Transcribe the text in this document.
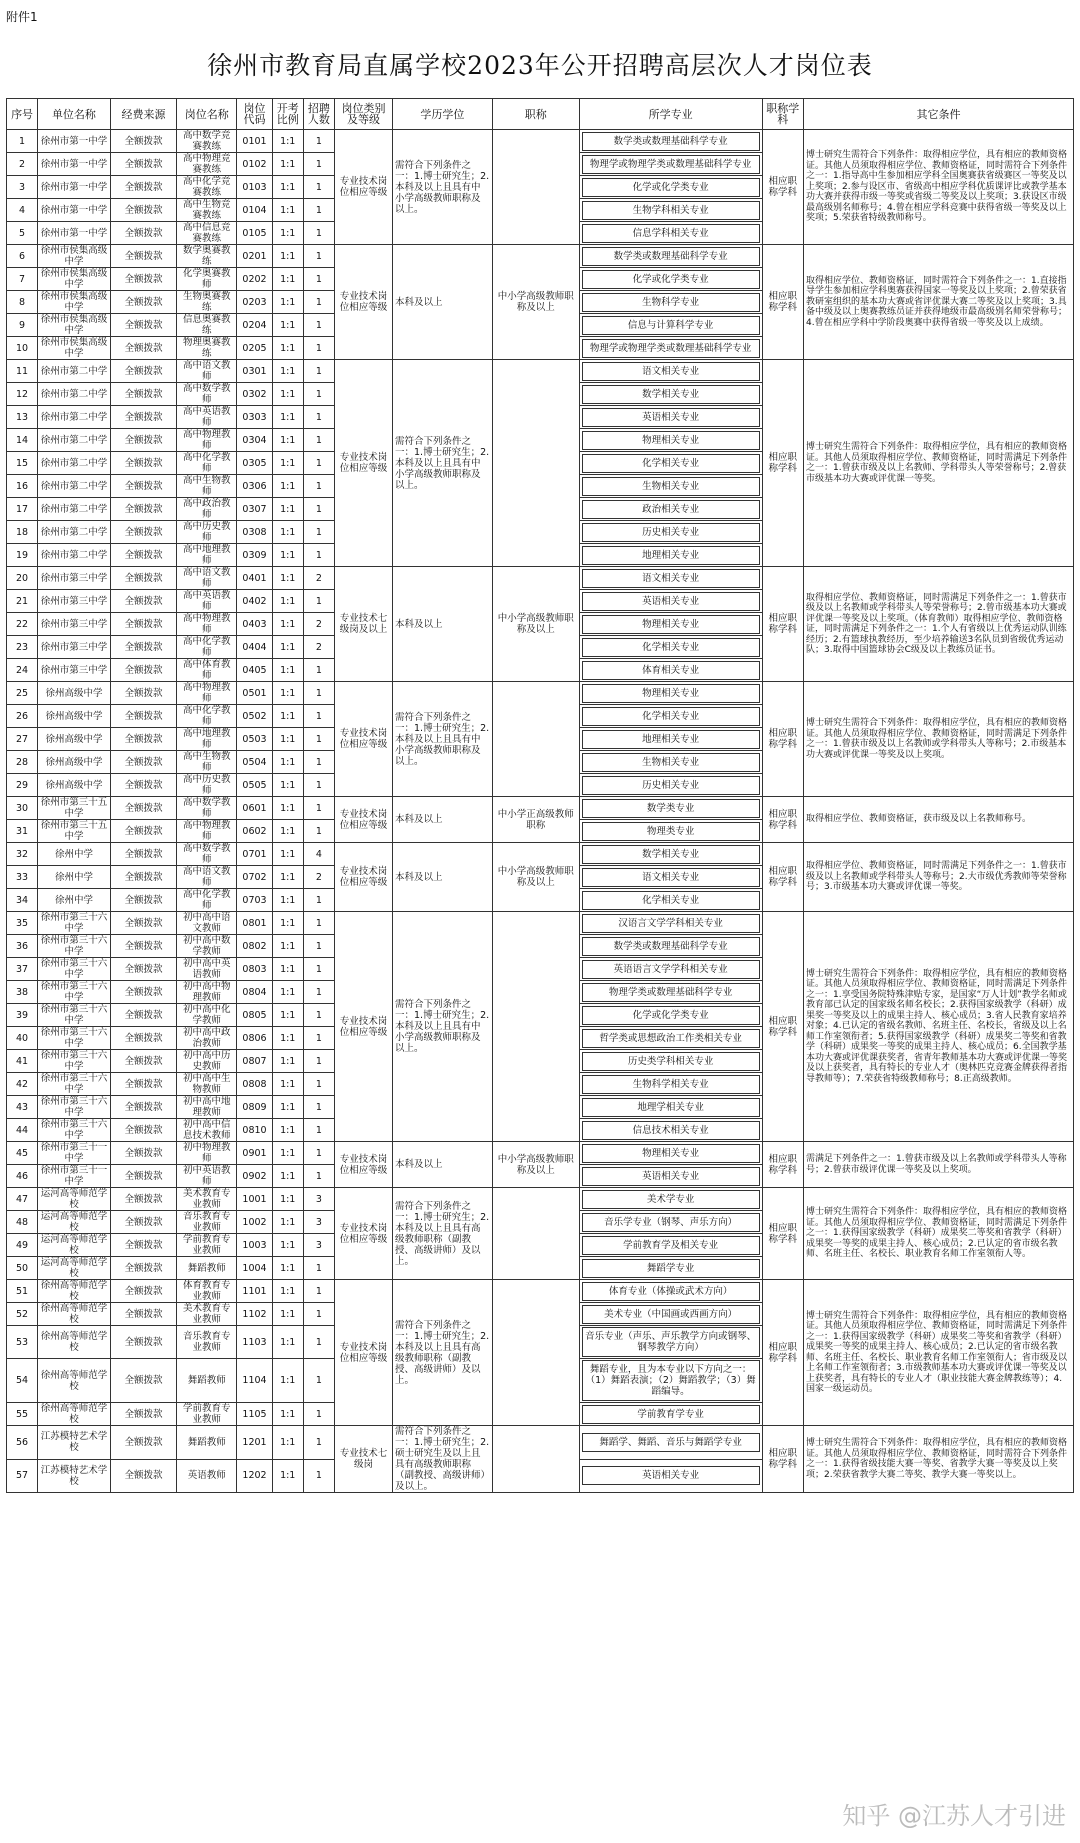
附件1
徐州市教育局直属学校2023年公开招聘高层次人才岗位表
序号	单位名称	经费来源	岗位名称	岗位代码	开考比例	招聘人数	岗位类别及等级	学历学位	职称	所学专业	职称学科	其它条件
1	徐州市第一中学	全额拨款	高中数学竞赛教练	0101	1:1	1	专业技术岗位相应等级	需符合下列条件之一：1.博士研究生；2.本科及以上且具有中小学高级教师职称及以上。		数学类或数理基础科学专业	相应职称学科	博士研究生需符合下列条件：取得相应学位，具有相应的教师资格证。其他人员须取得相应学位、教师资格证，同时需符合下列条件之一：1.指导高中生参加相应学科全国奥赛获省级赛区一等奖及以上奖项；2.参与设区市、省级高中相应学科优质课评比或教学基本功大赛并获得市级一等奖或省级二等奖及以上奖项；3.获设区市级最高级别名师称号；4.曾在相应学科竞赛中获得省级一等奖及以上奖项；5.荣获省特级教师称号。
2	徐州市第一中学	全额拨款	高中物理竞赛教练	0102	1:1	1				物理学或物理学类或数理基础科学专业		

3	徐州市第一中学	全额拨款	高中化学竞赛教练	0103	1:1	1				化学或化学类专业		

4	徐州市第一中学	全额拨款	高中生物竞赛教练	0104	1:1	1				生物学科相关专业		

5	徐州市第一中学	全额拨款	高中信息竞赛教练	0105	1:1	1				信息学科相关专业		

6	徐州市侯集高级中学	全额拨款	数学奥赛教练	0201	1:1	1	专业技术岗位相应等级	本科及以上	中小学高级教师职称及以上	数学类或数理基础科学专业	相应职称学科	取得相应学位、教师资格证，同时需符合下列条件之一：1.直接指导学生参加相应学科奥赛获得国家一等奖及以上奖项；2.曾荣获省教研室组织的基本功大赛或省评优课大赛二等奖及以上奖项；3.具备中级及以上奥赛教练员证并获得地级市最高级别名师荣誉称号；4.曾在相应学科中学阶段奥赛中获得省级一等奖及以上成绩。
7	徐州市侯集高级中学	全额拨款	化学奥赛教师	0202	1:1	1				化学或化学类专业		

8	徐州市侯集高级中学	全额拨款	生物奥赛教练	0203	1:1	1				生物科学专业		

9	徐州市侯集高级中学	全额拨款	信息奥赛教练	0204	1:1	1				信息与计算科学专业		

10	徐州市侯集高级中学	全额拨款	物理奥赛教练	0205	1:1	1				物理学或物理学类或数理基础科学专业		

11	徐州市第二中学	全额拨款	高中语文教师	0301	1:1	1	专业技术岗位相应等级	需符合下列条件之一：1.博士研究生；2.本科及以上且具有中小学高级教师职称及以上。		语文相关专业	相应职称学科	博士研究生需符合下列条件：取得相应学位，具有相应的教师资格证。其他人员须取得相应学位、教师资格证，同时需满足下列条件之一：1.曾获市级及以上名教师、学科带头人等荣誉称号；2.曾获市级基本功大赛或评优课一等奖。
12	徐州市第二中学	全额拨款	高中数学教师	0302	1:1	1				数学相关专业		

13	徐州市第二中学	全额拨款	高中英语教师	0303	1:1	1				英语相关专业		

14	徐州市第二中学	全额拨款	高中物理教师	0304	1:1	1				物理相关专业		

15	徐州市第二中学	全额拨款	高中化学教师	0305	1:1	1				化学相关专业		

16	徐州市第二中学	全额拨款	高中生物教师	0306	1:1	1				生物相关专业		

17	徐州市第二中学	全额拨款	高中政治教师	0307	1:1	1				政治相关专业		

18	徐州市第二中学	全额拨款	高中历史教师	0308	1:1	1				历史相关专业		

19	徐州市第二中学	全额拨款	高中地理教师	0309	1:1	1				地理相关专业		

20	徐州市第三中学	全额拨款	高中语文教师	0401	1:1	2	专业技术七级岗及以上	本科及以上	中小学高级教师职称及以上	语文相关专业	相应职称学科	取得相应学位、教师资格证，同时需满足下列条件之一：1.曾获市级及以上名教师或学科带头人等荣誉称号；2.曾市级基本功大赛或评优课一等奖及以上奖项。（体育教师）取得相应学位、教师资格证，同时需满足下列条件之一：1.个人有省级以上优秀运动队训练经历；2.有篮球执教经历，至少培养输送3名队员到省级优秀运动队；3.取得中国篮球协会C级及以上教练员证书。
21	徐州市第三中学	全额拨款	高中英语教师	0402	1:1	1				英语相关专业		

22	徐州市第三中学	全额拨款	高中物理教师	0403	1:1	2				物理相关专业		

23	徐州市第三中学	全额拨款	高中化学教师	0404	1:1	2				化学相关专业		

24	徐州市第三中学	全额拨款	高中体育教师	0405	1:1	1				体育相关专业		

25	徐州高级中学	全额拨款	高中物理教师	0501	1:1	1	专业技术岗位相应等级	需符合下列条件之一：1.博士研究生；2.本科及以上且具有中小学高级教师职称及以上。		物理相关专业	相应职称学科	博士研究生需符合下列条件：取得相应学位，具有相应的教师资格证。其他人员须取得相应学位、教师资格证，同时需满足下列条件之一：1.曾获市级及以上名教师或学科带头人等称号；2.市级基本功大赛或评优课一等奖及以上奖项。
26	徐州高级中学	全额拨款	高中化学教师	0502	1:1	1				化学相关专业		

27	徐州高级中学	全额拨款	高中地理教师	0503	1:1	1				地理相关专业		

28	徐州高级中学	全额拨款	高中生物教师	0504	1:1	1				生物相关专业		

29	徐州高级中学	全额拨款	高中历史教师	0505	1:1	1				历史相关专业		

30	徐州市第三十五中学	全额拨款	高中数学教师	0601	1:1	1	专业技术岗位相应等级	本科及以上	中小学正高级教师职称	数学类专业	相应职称学科	取得相应学位、教师资格证，获市级及以上名教师称号。
31	徐州市第三十五中学	全额拨款	高中物理教师	0602	1:1	1				物理类专业		

32	徐州中学	全额拨款	高中数学教师	0701	1:1	4	专业技术岗位相应等级	本科及以上	中小学高级教师职称及以上	数学相关专业	相应职称学科	取得相应学位、教师资格证，同时需满足下列条件之一：1.曾获市级及以上名教师或学科带头人等称号；2.大市级优秀教师等荣誉称号；3.市级基本功大赛或评优课一等奖。
33	徐州中学	全额拨款	高中语文教师	0702	1:1	2				语文相关专业		

34	徐州中学	全额拨款	高中化学教师	0703	1:1	1				化学相关专业		

35	徐州市第三十六中学	全额拨款	初中高中语文教师	0801	1:1	1	专业技术岗位相应等级	需符合下列条件之一：1.博士研究生；2.本科及以上且具有中小学高级教师职称及以上。		汉语言文学学科相关专业	相应职称学科	博士研究生需符合下列条件：取得相应学位，具有相应的教师资格证。其他人员须取得相应学位、教师资格证，同时需满足下列条件之一：1.享受国务院特殊津贴专家，是国家“万人计划”教学名师或教育部已认定的国家级名师名校长；2.获得国家级教学（科研）成果奖一等奖及以上的成果主持人、核心成员；3.省人民教育家培养对象；4.已认定的省级名教师、名班主任、名校长，省级及以上名师工作室领衔者；5.获得国家级教学（科研）成果奖二等奖和省教学（科研）成果奖一等奖的成果主持人、核心成员；6.全国教学基本功大赛或评优课获奖者，省青年教师基本功大赛或评优课一等奖及以上获奖者，具有特长的专业人才（奥林匹克竞赛金牌获得者指导教师等）；7.荣获省特级教师称号；8.正高级教师。
36	徐州市第三十六中学	全额拨款	初中高中数学教师	0802	1:1	1				数学类或数理基础科学专业		

37	徐州市第三十六中学	全额拨款	初中高中英语教师	0803	1:1	1				英语语言文学学科相关专业		

38	徐州市第三十六中学	全额拨款	初中高中物理教师	0804	1:1	1				物理学类或数理基础科学专业		

39	徐州市第三十六中学	全额拨款	初中高中化学教师	0805	1:1	1				化学或化学类专业		

40	徐州市第三十六中学	全额拨款	初中高中政治教师	0806	1:1	1				哲学类或思想政治工作类相关专业		

41	徐州市第三十六中学	全额拨款	初中高中历史教师	0807	1:1	1				历史类学科相关专业		

42	徐州市第三十六中学	全额拨款	初中高中生物教师	0808	1:1	1				生物科学相关专业		

43	徐州市第三十六中学	全额拨款	初中高中地理教师	0809	1:1	1				地理学相关专业		

44	徐州市第三十六中学	全额拨款	初中高中信息技术教师	0810	1:1	1				信息技术相关专业		

45	徐州市第三十一中学	全额拨款	初中物理教师	0901	1:1	1	专业技术岗位相应等级	本科及以上	中小学高级教师职称及以上	物理相关专业	相应职称学科	需满足下列条件之一：1.曾获市级及以上名教师或学科带头人等称号；2.曾获市级评优课一等奖及以上奖项。
46	徐州市第三十一中学	全额拨款	初中英语教师	0902	1:1	1				英语相关专业		

47	运河高等师范学校	全额拨款	美术教育专业教师	1001	1:1	3	专业技术岗位相应等级	需符合下列条件之一：1.博士研究生；2.本科及以上且具有高级教师职称（副教授、高级讲师）及以上。		美术学专业	相应职称学科	博士研究生需符合下列条件：取得相应学位，具有相应的教师资格证。其他人员须取得相应学位、教师资格证，同时需满足下列条件之一：1.获得国家级教学（科研）成果奖二等奖和省教学（科研）成果奖一等奖的成果主持人、核心成员；2.已认定的省市级名教师、名班主任、名校长、职业教育名师工作室领衔人等。
48	运河高等师范学校	全额拨款	音乐教育专业教师	1002	1:1	3				音乐学专业（钢琴、声乐方向）		

49	运河高等师范学校	全额拨款	学前教育专业教师	1003	1:1	3				学前教育学及相关专业		

50	运河高等师范学校	全额拨款	舞蹈教师	1004	1:1	1				舞蹈学专业		

51	徐州高等师范学校	全额拨款	体育教育专业教师	1101	1:1	1	专业技术岗位相应等级	需符合下列条件之一：1.博士研究生；2.本科及以上且具有高级教师职称（副教授、高级讲师）及以上。		体育专业（体操或武术方向）	相应职称学科	博士研究生需符合下列条件：取得相应学位，具有相应的教师资格证。其他人员须取得相应学位、教师资格证，同时需满足下列条件之一：1.获得国家级教学（科研）成果奖二等奖和省教学（科研）成果奖一等奖的成果主持人、核心成员；2.已认定的省市级名教师、名班主任、名校长、职业教育名师工作室领衔人；省市级及以上名师工作室领衔者；3.市级教师基本功大赛或评优课一等奖及以上获奖者，具有特长的专业人才（职业技能大赛金牌教练等）；4.国家一级运动员。
52	徐州高等师范学校	全额拨款	美术教育专业教师	1102	1:1	1				美术专业（中国画或西画方向）		

53	徐州高等师范学校	全额拨款	音乐教育专业教师	1103	1:1	1				音乐专业（声乐、声乐教学方向或钢琴、钢琴教学方向）		

54	徐州高等师范学校	全额拨款	舞蹈教师	1104	1:1	1				舞蹈专业，且为本专业以下方向之一：（1）舞蹈表演；（2）舞蹈教学；（3）舞蹈编导。		

55	徐州高等师范学校	全额拨款	学前教育专业教师	1105	1:1	1				学前教育学专业		

56	江苏模特艺术学校	全额拨款	舞蹈教师	1201	1:1	1	专业技术七级岗	需符合下列条件之一：1.博士研究生；2.硕士研究生及以上且具有高级教师职称（副教授、高级讲师）及以上。		舞蹈学、舞蹈、音乐与舞蹈学专业	相应职称学科	博士研究生需符合下列条件：取得相应学位，具有相应的教师资格证。其他人员须取得相应学位、教师资格证，同时需符合下列条件之一：1.获得省级技能大赛一等奖、省教学大赛一等奖及以上奖项；2.荣获省教学大赛二等奖、教学大赛一等奖以上。
57	江苏模特艺术学校	全额拨款	英语教师	1202	1:1	1				英语相关专业		
知乎 @江苏人才引进
